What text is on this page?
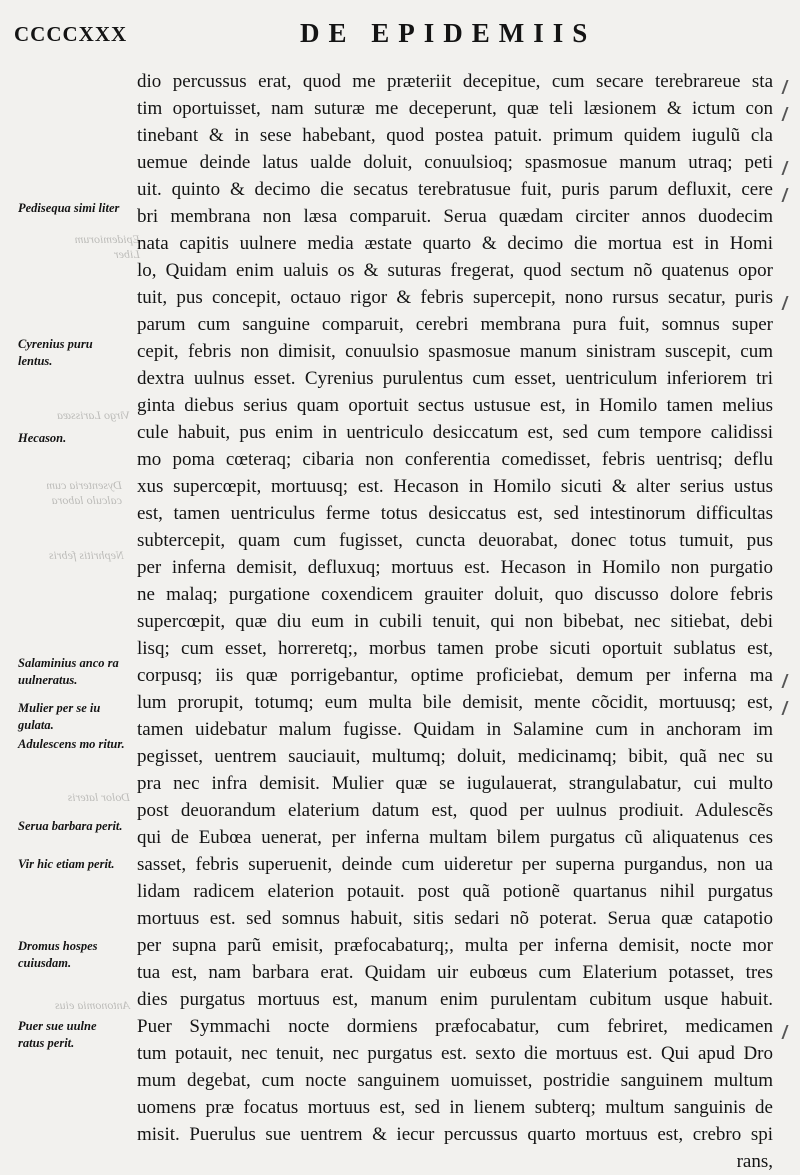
CCCCXXX	DE EPIDEMIIS
Epidemiorum
Liber
Virgo Larissæa
Dysenteria cum
calculo labora
Nephritis febris
Dolor lateris
Antonomia eius
Pedisequa simi liter
Cyrenius puru lentus.
Hecason.
Salaminius anco ra uulneratus.
Mulier per se iu gulata.
Adulescens mo ritur.
Serua barbara perit.
Vir hic etiam perit.
Dromus hospes cuiusdam.
Puer sue uulne ratus perit.
dio percussus erat, quod me præteriit decepitue, cum secare terebrareue sta
tim oportuisset, nam suturæ me deceperunt, quæ teli læsionem & ictum con
tinebant & in sese habebant, quod postea patuit. primum quidem iugulũ cla
uemue deinde latus ualde doluit, conuulsioq; spasmosue manum utraq; peti
uit. quinto & decimo die secatus terebratusue fuit, puris parum defluxit, cere
bri membrana non læsa comparuit. Serua quædam circiter annos duodecim
nata capitis uulnere media æstate quarto & decimo die mortua est in Homi
lo, Quidam enim ualuis os & suturas fregerat, quod sectum nõ quatenus opor
tuit, pus concepit, octauo rigor & febris supercepit, nono rursus secatur, puris
parum cum sanguine comparuit, cerebri membrana pura fuit, somnus super
cepit, febris non dimisit, conuulsio spasmosue manum sinistram suscepit, cum
dextra uulnus esset. Cyrenius purulentus cum esset, uentriculum inferiorem tri
ginta diebus serius quam oportuit sectus ustusue est, in Homilo tamen melius
cule habuit, pus enim in uentriculo desiccatum est, sed cum tempore calidissi
mo poma cœteraq; cibaria non conferentia comedisset, febris uentrisq; deflu
xus supercœpit, mortuusq; est. Hecason in Homilo sicuti & alter serius ustus
est, tamen uentriculus ferme totus desiccatus est, sed intestinorum difficultas
subtercepit, quam cum fugisset, cuncta deuorabat, donec totus tumuit, pus
per inferna demisit, defluxuq; mortuus est. Hecason in Homilo non purgatio
ne malaq; purgatione coxendicem grauiter doluit, quo discusso dolore febris
supercœpit, quæ diu eum in cubili tenuit, qui non bibebat, nec sitiebat, debi
lisq; cum esset, horreretq;, morbus tamen probe sicuti oportuit sublatus est,
corpusq; iis quæ porrigebantur, optime proficiebat, demum per inferna ma
lum prorupit, totumq; eum multa bile demisit, mente cõcidit, mortuusq; est,
tamen uidebatur malum fugisse. Quidam in Salamine cum in anchoram im
pegisset, uentrem sauciauit, multumq; doluit, medicinamq; bibit, quã nec su
pra nec infra demisit. Mulier quæ se iugulauerat, strangulabatur, cui multo
post deuorandum elaterium datum est, quod per uulnus prodiuit. Adulescẽs
qui de Eubœa uenerat, per inferna multam bilem purgatus cũ aliquatenus ces
sasset, febris superuenit, deinde cum uideretur per superna purgandus, non ua
lidam radicem elaterion potauit. post quã potionẽ quartanus nihil purgatus
mortuus est. sed somnus habuit, sitis sedari nõ poterat. Serua quæ catapotio
per supna parũ emisit, præfocabaturq;, multa per inferna demisit, nocte mor
tua est, nam barbara erat. Quidam uir eubœus cum Elaterium potasset, tres
dies purgatus mortuus est, manum enim purulentam cubitum usque habuit.
Puer Symmachi nocte dormiens præfocabatur, cum febriret, medicamen
tum potauit, nec tenuit, nec purgatus est. sexto die mortuus est. Qui apud Dro
mum degebat, cum nocte sanguinem uomuisset, postridie sanguinem multum
uomens præ focatus mortuus est, sed in lienem subterq; multum sanguinis de
misit. Puerulus sue uentrem & iecur percussus quarto mortuus est, crebro spi
rans,
